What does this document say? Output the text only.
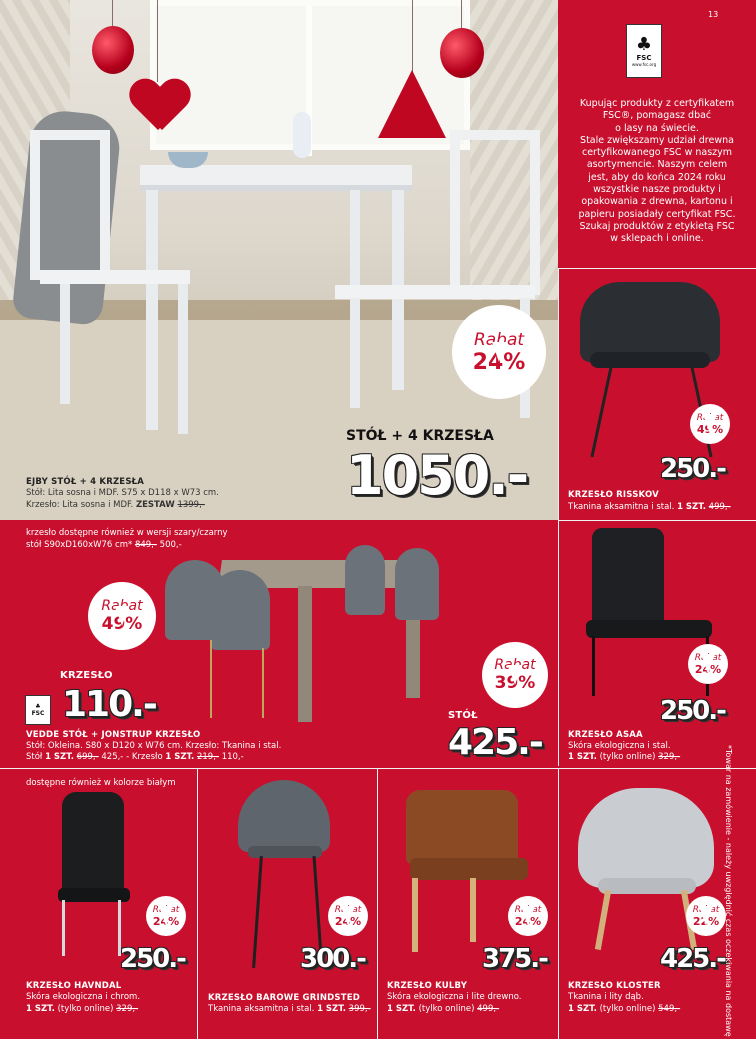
Rabat
24%
STÓŁ + 4 KRZESŁA
1050.-
EJBY STÓŁ + 4 KRZESŁA
Stół: Lita sosna i MDF. S75 x D118 x W73 cm.
Krzesło: Lita sosna i MDF. ZESTAW 1399,-
13
♣
FSC
www.fsc.org
Kupując produkty z certyfikatem
FSC®, pomagasz dbać
o lasy na świecie.
Stale zwiększamy udział drewna
certyfikowanego FSC w naszym
asortymencie. Naszym celem
jest, aby do końca 2024 roku
wszystkie nasze produkty i
opakowania z drewna, kartonu i
papieru posiadały certyfikat FSC.
Szukaj produktów z etykietą FSC
w sklepach i online.
Rabat
49%
250.-
KRZESŁO RISSKOV
Tkanina aksamitna i stal. 1 SZT. 499,-
krzesło dostępne również w wersji szary/czarny
stół S90xD160xW76 cm* 849,- 500,-
Rabat
49%
Rabat
39%
KRZESŁO
♣
FSC 110.-	STÓŁ
425.-
VEDDE STÓŁ + JONSTRUP KRZESŁO
Stół: Okleina. S80 x D120 x W76 cm. Krzesło: Tkanina i stal.
Stół 1 SZT. 699,- 425,- - Krzesło 1 SZT. 219,- 110,-
Rabat
24%
250.-
KRZESŁO ASAA
Skóra ekologiczna i stal.
1 SZT. (tylko online) 329,-
dostępne również w kolorze białym
Rabat
24%
250.-
KRZESŁO HAVNDAL
Skóra ekologiczna i chrom.
1 SZT. (tylko online) 329,-
Rabat
24%
300.-
KRZESŁO BAROWE GRINDSTED
Tkanina aksamitna i stal. 1 SZT. 399,-
Rabat
24%
375.-
KRZESŁO KULBY
Skóra ekologiczna i lite drewno.
1 SZT. (tylko online) 499,-
Rabat
22%
425.-
KRZESŁO KLOSTER
Tkanina i lity dąb.
1 SZT. (tylko online) 549,-	*Towar na zamówienie - należy uwzględnić czas oczekiwania na dostawę
